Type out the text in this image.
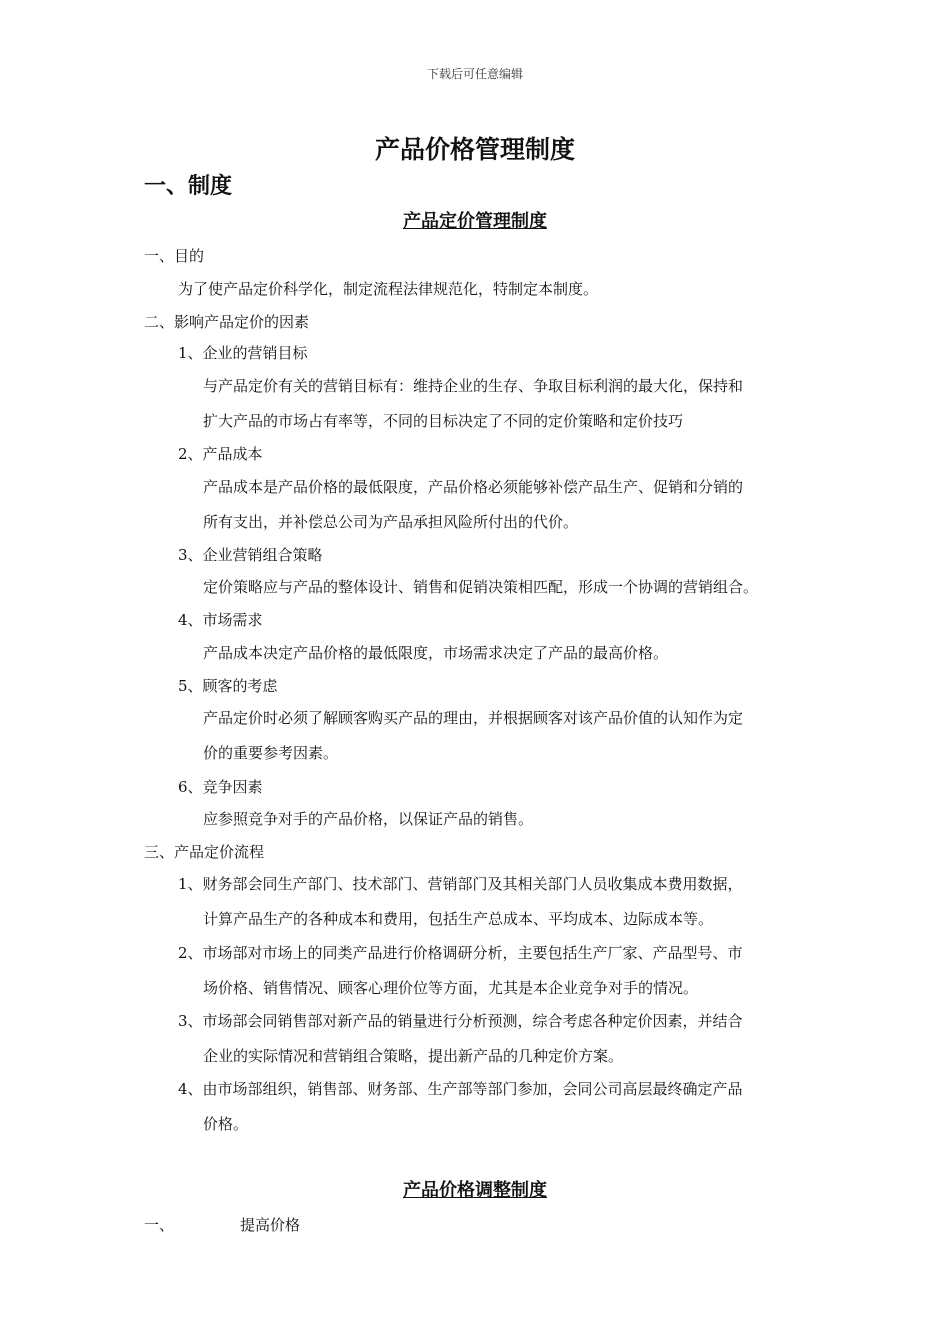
下载后可任意编辑
产品价格管理制度
一、制度
产品定价管理制度
一、目的
为了使产品定价科学化，制定流程法律规范化，特制定本制度。
二、影响产品定价的因素
1、企业的营销目标
与产品定价有关的营销目标有：维持企业的生存、争取目标利润的最大化，保持和
扩大产品的市场占有率等，不同的目标决定了不同的定价策略和定价技巧
2、产品成本
产品成本是产品价格的最低限度，产品价格必须能够补偿产品生产、促销和分销的
所有支出，并补偿总公司为产品承担风险所付出的代价。
3、企业营销组合策略
定价策略应与产品的整体设计、销售和促销决策相匹配，形成一个协调的营销组合。
4、市场需求
产品成本决定产品价格的最低限度，市场需求决定了产品的最高价格。
5、顾客的考虑
产品定价时必须了解顾客购买产品的理由，并根据顾客对该产品价值的认知作为定
价的重要参考因素。
6、竞争因素
应参照竞争对手的产品价格，以保证产品的销售。
三、产品定价流程
1、财务部会同生产部门、技术部门、营销部门及其相关部门人员收集成本费用数据，
计算产品生产的各种成本和费用，包括生产总成本、平均成本、边际成本等。
2、市场部对市场上的同类产品进行价格调研分析，主要包括生产厂家、产品型号、市
场价格、销售情况、顾客心理价位等方面，尤其是本企业竞争对手的情况。
3、市场部会同销售部对新产品的销量进行分析预测，综合考虑各种定价因素，并结合
企业的实际情况和营销组合策略，提出新产品的几种定价方案。
4、由市场部组织，销售部、财务部、生产部等部门参加，会同公司高层最终确定产品
价格。
产品价格调整制度
一、	提高价格
